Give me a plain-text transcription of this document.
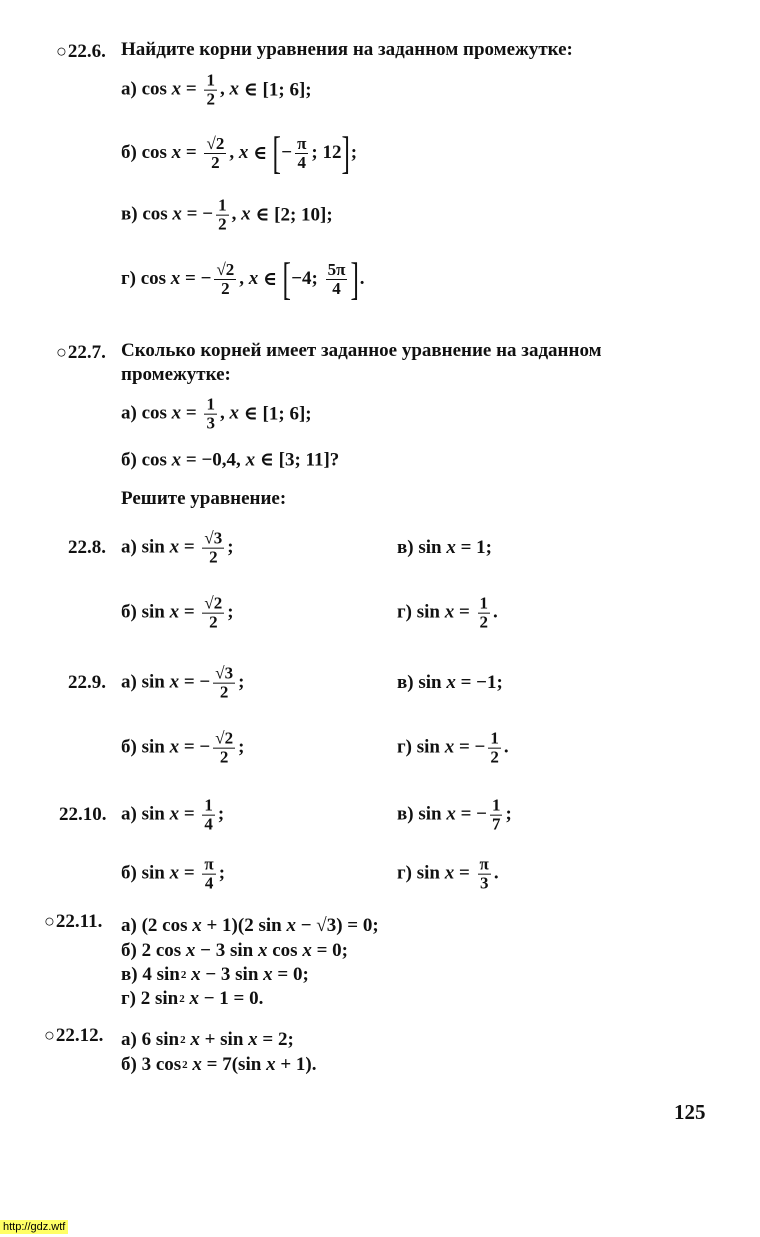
○22.6. Найдите корни уравнения на заданном промежутке:
а) $\cos x = \frac{1}{2}$ , x ∈ [1; 6];
б) $\cos x = \frac{√2}{2}$ , x ∈ [ − $\frac{\pi}{4}$ ; 12 ] ;
в) cos x = − $\frac{1}{2}$ , x ∈ [2; 10];
г) cos x = − $\frac{√2}{2}$ , x ∈ [ −4; $\frac{5\pi}{4}$ ] .
○22.7. Сколько корней имеет заданное уравнение на заданном
промежутке:
а) $\cos x = \frac{1}{3}$ , x ∈ [1; 6];
б) cos x = −0,4, x ∈ [3; 11]?
Решите уравнение:
22.8. а) $\sin x = \frac{√3}{2}$ ;	в) sin x = 1;
б) $\sin x = \frac{√2}{2}$ ;	г) $\sin x = \frac{1}{2}$ .
22.9. а) sin x = − $\frac{√3}{2}$ ;	в) sin x = −1;
б) sin x = − $\frac{√2}{2}$ ;	г) sin x = − $\frac{1}{2}$ .
22.10. а) $\sin x = \frac{1}{4}$ ;	в) sin x = − $\frac{1}{7}$ ;
б) $\sin x = \frac{\pi}{4}$ ;	г) $\sin x = \frac{\pi}{3}$ .
○22.11. а) (2 cos x + 1)(2 sin x − √3) = 0;
б) 2 cos x − 3 sin x cos x = 0;
в) 4 sin 2
x − 3 sin x = 0;
г) 2 sin 2
x − 1 = 0.
○22.12. а) 6 sin 2
x + sin x = 2;
б) 3 cos 2
x = 7(sin x + 1).
125
http://gdz.wtf
